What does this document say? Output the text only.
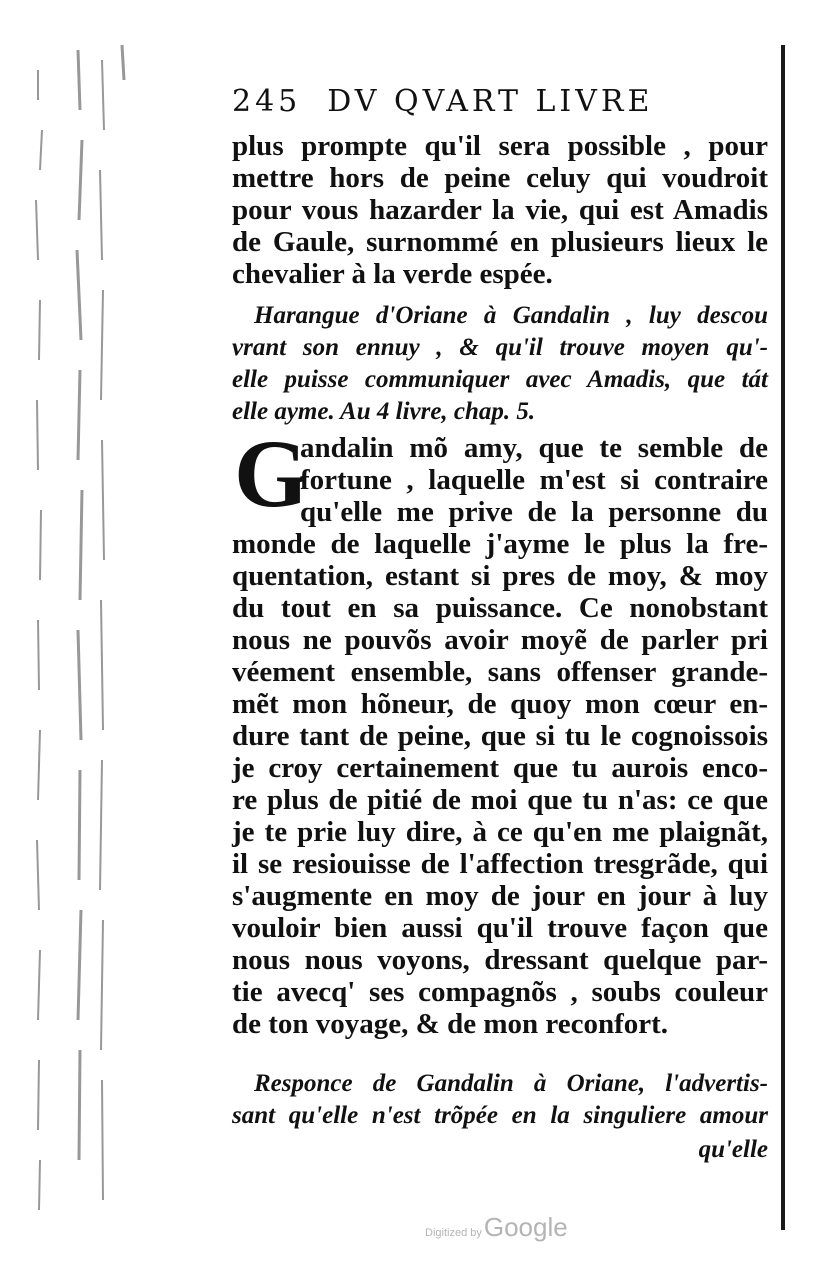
245 DV QVART LIVRE
plus prompte qu'il sera possible , pour
mettre hors de peine celuy qui voudroit
pour vous hazarder la vie, qui est Amadis
de Gaule, surnommé en plusieurs lieux le
chevalier à la verde espée.
Harangue d'Oriane à Gandalin , luy descou
vrant son ennuy , & qu'il trouve moyen qu'-
elle puisse communiquer avec Amadis, que tát
elle ayme. Au 4 livre, chap. 5.
G
andalin mõ amy, que te semble de
fortune , laquelle m'est si contraire
qu'elle me prive de la personne du
monde de laquelle j'ayme le plus la fre-
quentation, estant si pres de moy, & moy
du tout en sa puissance. Ce nonobstant
nous ne pouvõs avoir moyẽ de parler pri
véement ensemble, sans offenser grande-
mẽt mon hõneur, de quoy mon cœur en-
dure tant de peine, que si tu le cognoissois
je croy certainement que tu aurois enco-
re plus de pitié de moi que tu n'as: ce que
je te prie luy dire, à ce qu'en me plaignãt,
il se resiouisse de l'affection tresgrãde, qui
s'augmente en moy de jour en jour à luy
vouloir bien aussi qu'il trouve façon que
nous nous voyons, dressant quelque par-
tie avecq' ses compagnõs , soubs couleur
de ton voyage, & de mon reconfort.
Responce de Gandalin à Oriane, l'advertis-
sant qu'elle n'est trõpée en la singuliere amour
qu'elle
Digitized byGoogle
